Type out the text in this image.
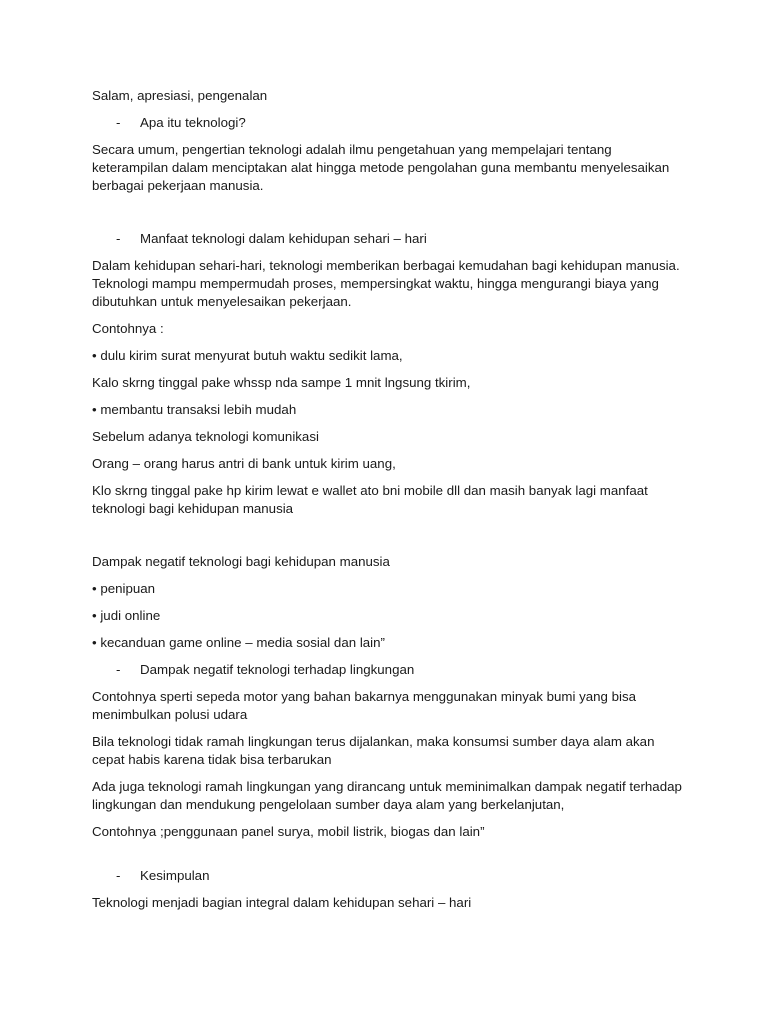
Salam, apresiasi, pengenalan
- Apa itu teknologi?
Secara umum, pengertian teknologi adalah ilmu pengetahuan yang mempelajari tentang keterampilan dalam menciptakan alat hingga metode pengolahan guna membantu menyelesaikan berbagai pekerjaan manusia.
- Manfaat teknologi dalam kehidupan sehari – hari
Dalam kehidupan sehari-hari, teknologi memberikan berbagai kemudahan bagi kehidupan manusia. Teknologi mampu mempermudah proses, mempersingkat waktu, hingga mengurangi biaya yang dibutuhkan untuk menyelesaikan pekerjaan.
Contohnya :
• dulu kirim surat menyurat butuh waktu sedikit lama,
Kalo skrng tinggal pake whssp nda sampe 1 mnit lngsung tkirim,
• membantu transaksi lebih mudah
Sebelum adanya teknologi komunikasi
Orang – orang harus antri di bank untuk kirim uang,
Klo skrng tinggal pake hp kirim lewat e wallet ato bni mobile dll dan masih banyak lagi manfaat teknologi bagi kehidupan manusia
Dampak negatif teknologi bagi kehidupan manusia
• penipuan
• judi online
• kecanduan game online – media sosial dan lain”
- Dampak negatif teknologi terhadap lingkungan
Contohnya sperti sepeda motor yang bahan bakarnya menggunakan minyak bumi yang bisa menimbulkan polusi udara
Bila teknologi tidak ramah lingkungan terus dijalankan, maka konsumsi sumber daya alam akan cepat habis karena tidak bisa terbarukan
Ada juga teknologi ramah lingkungan yang dirancang untuk meminimalkan dampak negatif terhadap lingkungan dan mendukung pengelolaan sumber daya alam yang berkelanjutan,
Contohnya ;penggunaan panel surya, mobil listrik, biogas dan lain”
- Kesimpulan
Teknologi menjadi bagian integral dalam kehidupan sehari – hari
